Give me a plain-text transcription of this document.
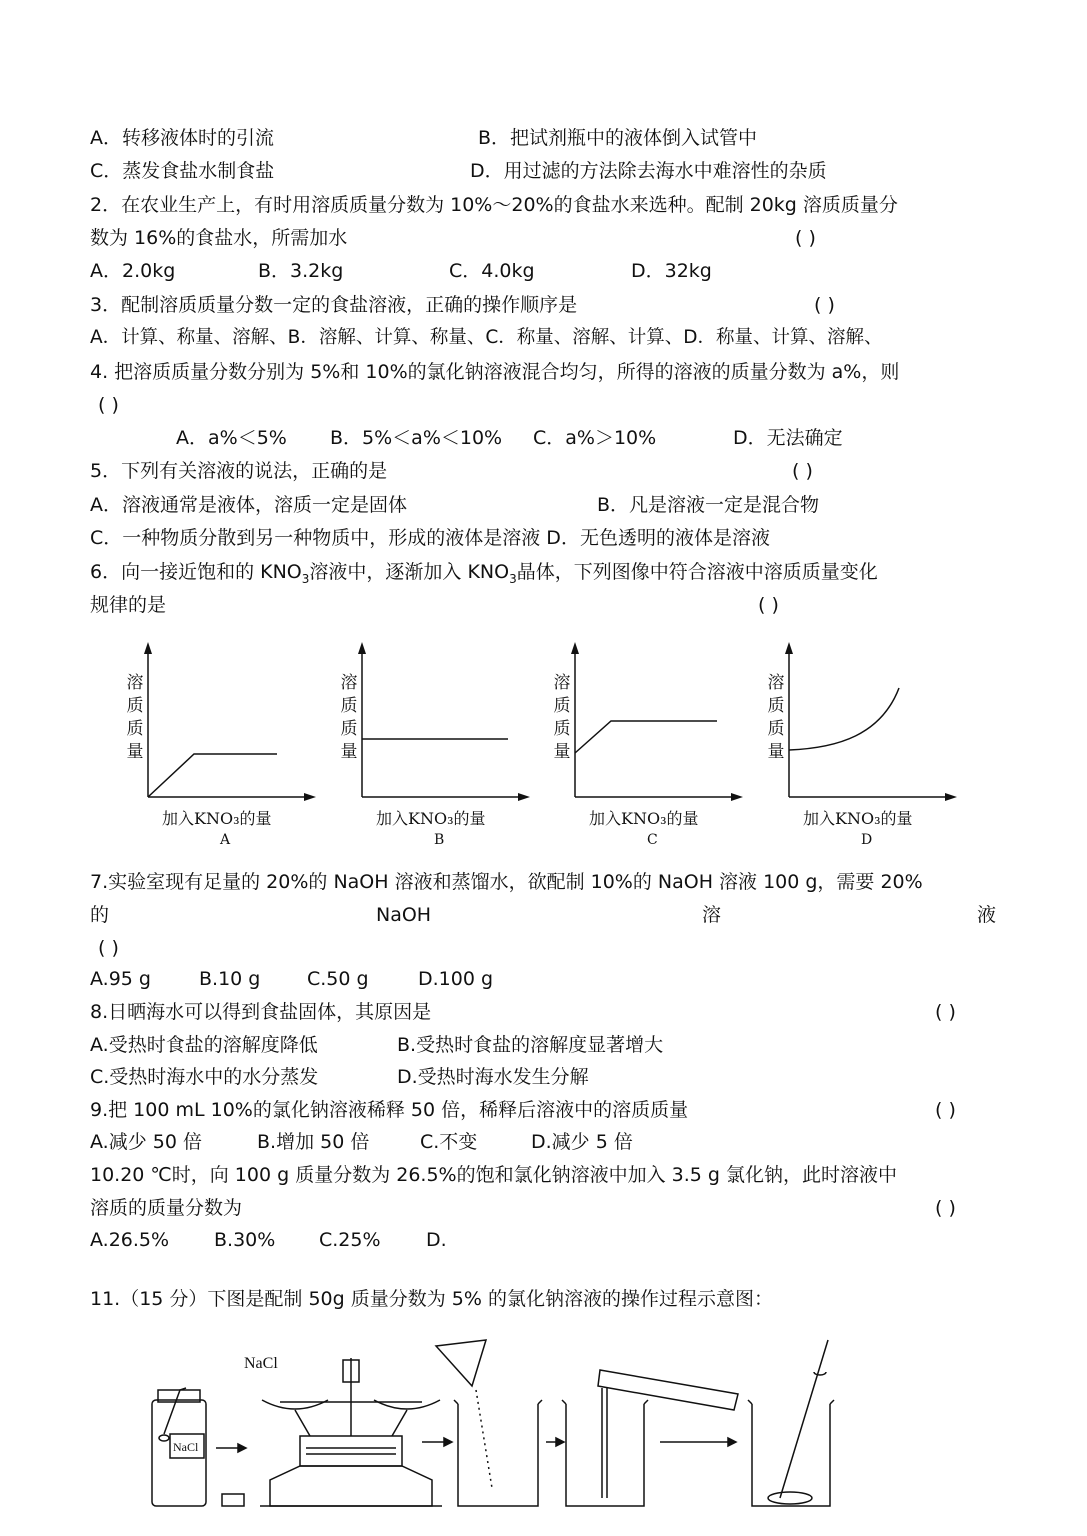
A．转移液体时的引流	B．把试剂瓶中的液体倒入试管中
C．蒸发食盐水制食盐	D．用过滤的方法除去海水中难溶性的杂质
2．在农业生产上，有时用溶质质量分数为 10%～20%的食盐水来选种。配制 20kg 溶质质量分
数为 16%的食盐水，所需加水	( )
A．2.0kg	B．3.2kg	C．4.0kg	D．32kg
3．配制溶质质量分数一定的食盐溶液，正确的操作顺序是	( )
A．计算、称量、溶解、B．溶解、计算、称量、C．称量、溶解、计算、D．称量、计算、溶解、
4. 把溶质质量分数分别为 5%和 10%的氯化钠溶液混合均匀，所得的溶液的质量分数为 a%，则
( )
A．a%＜5% B．5%＜a%＜10% C．a%＞10%	D．无法确定
5．下列有关溶液的说法，正确的是	( )
A．溶液通常是液体，溶质一定是固体	B．凡是溶液一定是混合物
C．一种物质分散到另一种物质中，形成的液体是溶液 D．无色透明的液体是溶液
6．向一接近饱和的 $KNO_3$溶液中，逐渐加入 $KNO_3$晶体，下列图像中符合溶液中溶质质量变化
规律的是	( )
溶
质
质
量
加入KNO₃的量
A
溶
质
质
量
加入KNO₃的量
B
溶
质
质
量
加入KNO₃的量
C
溶
质
质
量
加入KNO₃的量
D
7.实验室现有足量的 20%的 NaOH 溶液和蒸馏水，欲配制 10%的 NaOH 溶液 100 g，需要 20%
的	NaOH	溶	液
( )
A.95 g	B.10 g C.50 g	D.100 g
8.日晒海水可以得到食盐固体，其原因是	( )
A.受热时食盐的溶解度降低	B.受热时食盐的溶解度显著增大
C.受热时海水中的水分蒸发	D.受热时海水发生分解
9.把 100 mL 10%的氯化钠溶液稀释 50 倍，稀释后溶液中的溶质质量	( )
A.减少 50 倍	B.增加 50 倍	C.不变	D.减少 5 倍
10.20 ℃时，向 100 g 质量分数为 26.5%的饱和氯化钠溶液中加入 3.5 g 氯化钠，此时溶液中
溶质的质量分数为	( )
A.26.5% B.30% C.25% D.
11.（15 分）下图是配制 50g 质量分数为 5% 的氯化钠溶液的操作过程示意图：
NaCl
NaCl
